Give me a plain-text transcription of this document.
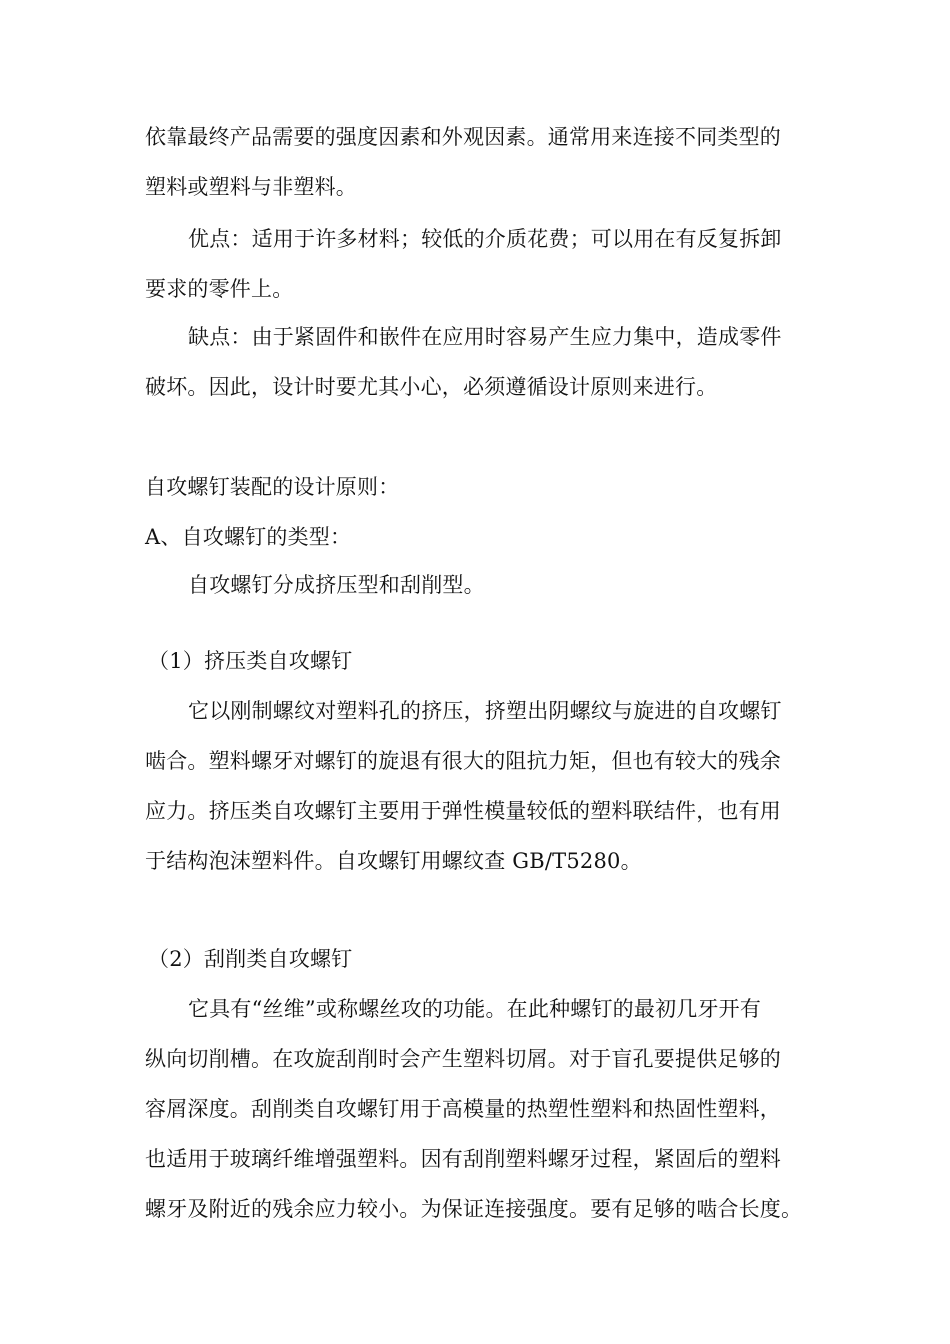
依靠最终产品需要的强度因素和外观因素。通常用来连接不同类型的
塑料或塑料与非塑料。
优点：适用于许多材料；较低的介质花费；可以用在有反复拆卸
要求的零件上。
缺点：由于紧固件和嵌件在应用时容易产生应力集中，造成零件
破坏。因此，设计时要尤其小心，必须遵循设计原则来进行。
自攻螺钉装配的设计原则：
A、自攻螺钉的类型：
自攻螺钉分成挤压型和刮削型。
（1）挤压类自攻螺钉
它以刚制螺纹对塑料孔的挤压，挤塑出阴螺纹与旋进的自攻螺钉
啮合。塑料螺牙对螺钉的旋退有很大的阻抗力矩，但也有较大的残余
应力。挤压类自攻螺钉主要用于弹性模量较低的塑料联结件，也有用
于结构泡沫塑料件。自攻螺钉用螺纹查 GB/T5280。
（2）刮削类自攻螺钉
它具有“丝维”或称螺丝攻的功能。在此种螺钉的最初几牙开有
纵向切削槽。在攻旋刮削时会产生塑料切屑。对于盲孔要提供足够的
容屑深度。刮削类自攻螺钉用于高模量的热塑性塑料和热固性塑料，
也适用于玻璃纤维增强塑料。因有刮削塑料螺牙过程，紧固后的塑料
螺牙及附近的残余应力较小。为保证连接强度。要有足够的啮合长度。
